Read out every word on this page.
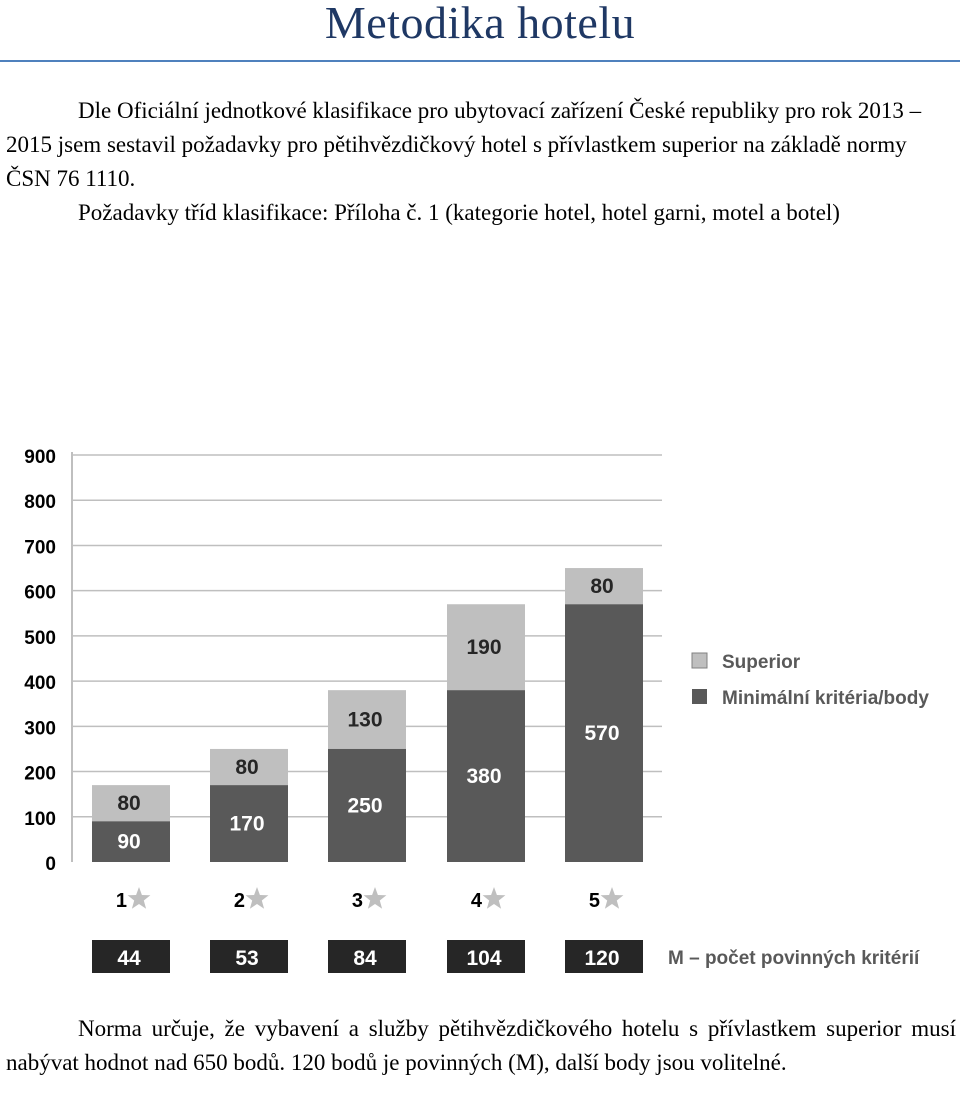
Metodika hotelu
Dle Oficiální jednotkové klasifikace pro ubytovací zařízení České republiky pro rok 2013 – 2015 jsem sestavil požadavky pro pětihvězdičkový hotel s přívlastkem superior na základě normy ČSN 76 1110.
Požadavky tříd klasifikace: Příloha č. 1 (kategorie hotel, hotel garni, motel a botel)
0
100
200
300
400
500
600
700
800
900
80
90
1
44
80
170
2
53
130
250
3
84
190
380
4
104
80
570
5
120
Superior
Minimální kritéria/body
M – počet povinných kritérií
Norma určuje, že vybavení a služby pětihvězdičkového hotelu s přívlastkem superior musí nabývat hodnot nad 650 bodů. 120 bodů je povinných (M), další body jsou volitelné.
